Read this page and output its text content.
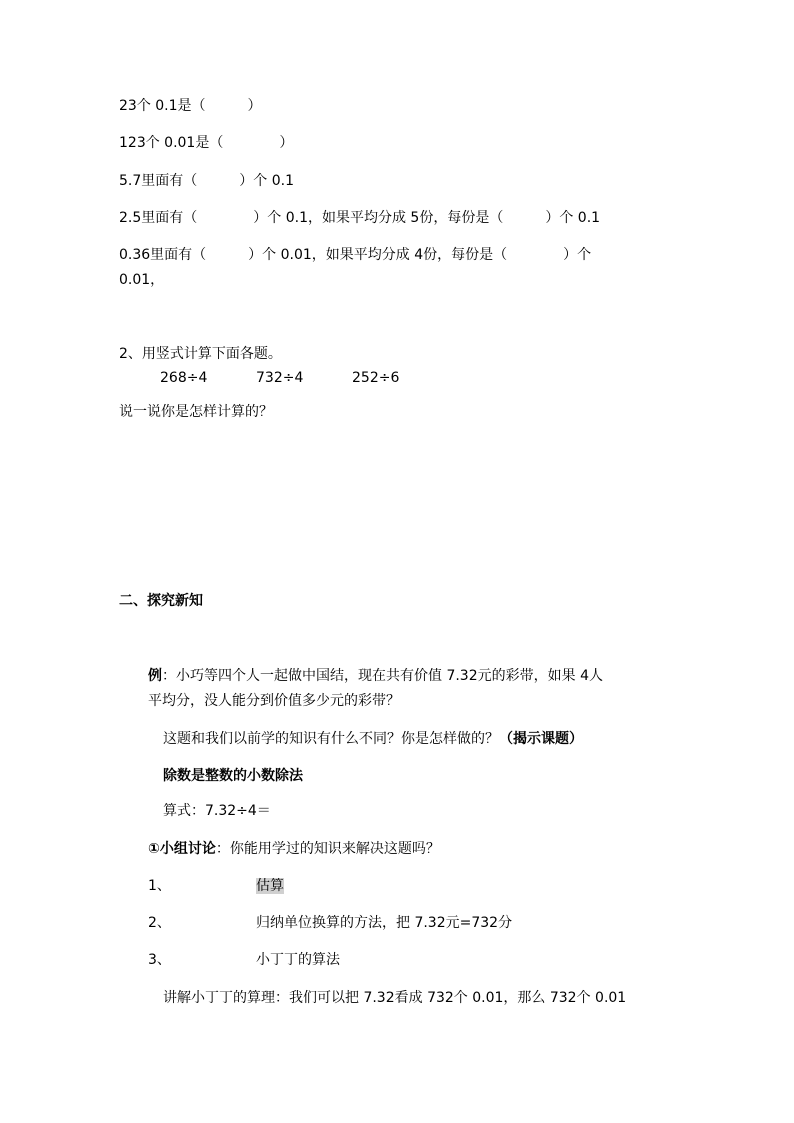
23个 0.1是（　　　）
123个 0.01是（　　　　）
5.7里面有（　　　）个 0.1
2.5里面有（　　　　）个 0.1，如果平均分成 5份，每份是（　　　）个 0.1
0.36里面有（　　　）个 0.01，如果平均分成 4份，每份是（　　　　）个
0.01，
2、用竖式计算下面各题。
268÷4	732÷4	252÷6
说一说你是怎样计算的？
二、探究新知
例：小巧等四个人一起做中国结，现在共有价值 7.32元的彩带，如果 4人
平均分，没人能分到价值多少元的彩带？
这题和我们以前学的知识有什么不同？你是怎样做的？（揭示课题）
除数是整数的小数除法
算式：7.32÷4＝
①小组讨论：你能用学过的知识来解决这题吗？
1、	估算
2、	归纳单位换算的方法，把 7.32元=732分
3、	小丁丁的算法
讲解小丁丁的算理：我们可以把 7.32看成 732个 0.01，那么 732个 0.01
